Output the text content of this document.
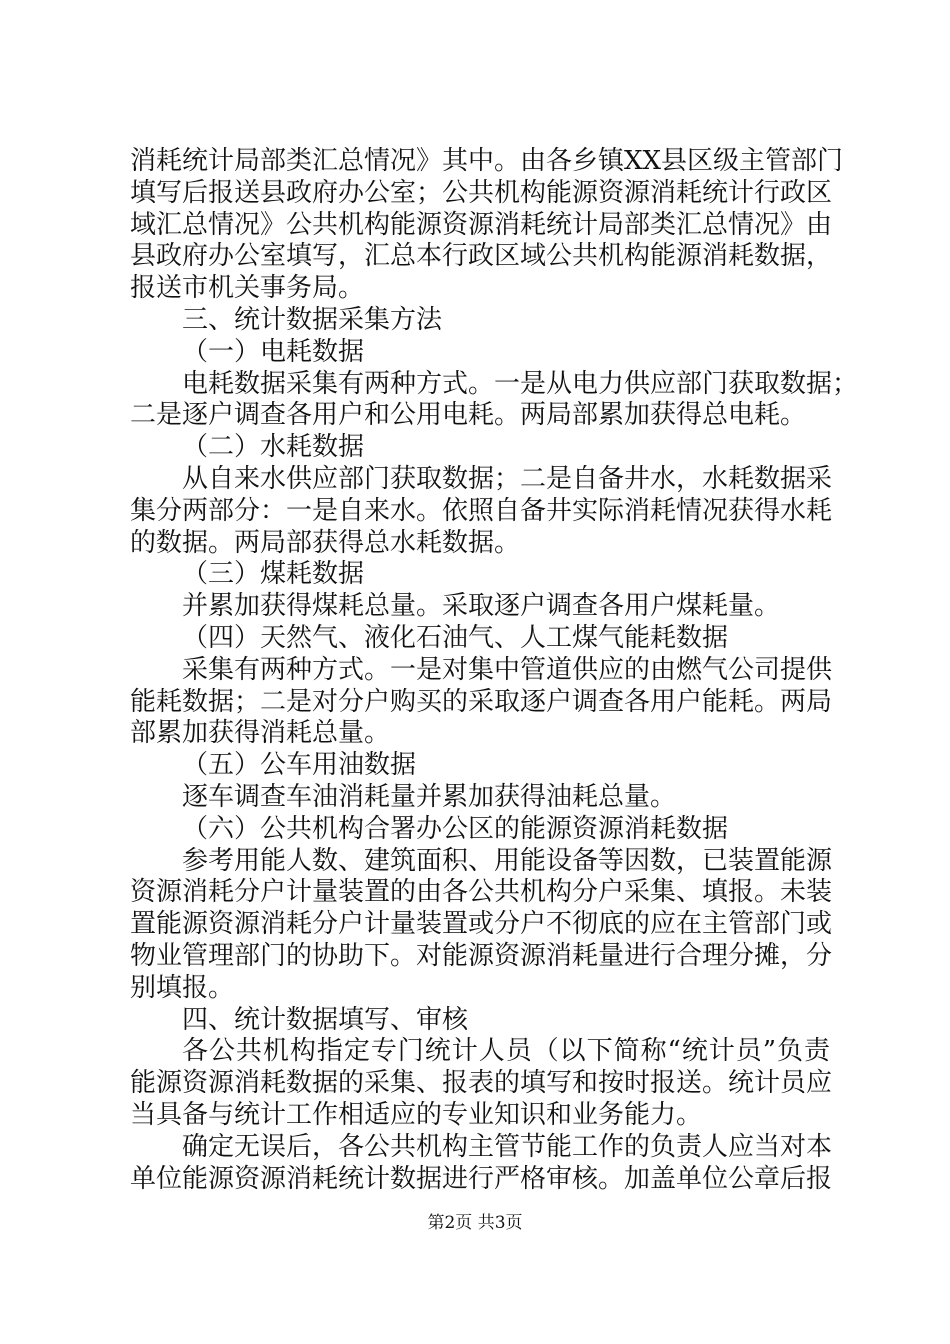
消耗统计局部类汇总情况》其中。由各乡镇XX县区级主管部门
填写后报送县政府办公室；公共机构能源资源消耗统计行政区
域汇总情况》公共机构能源资源消耗统计局部类汇总情况》由
县政府办公室填写，汇总本行政区域公共机构能源消耗数据，
报送市机关事务局。
三、统计数据采集方法
（一）电耗数据
电耗数据采集有两种方式。一是从电力供应部门获取数据；
二是逐户调查各用户和公用电耗。两局部累加获得总电耗。
（二）水耗数据
从自来水供应部门获取数据；二是自备井水，水耗数据采
集分两部分：一是自来水。依照自备井实际消耗情况获得水耗
的数据。两局部获得总水耗数据。
（三）煤耗数据
并累加获得煤耗总量。采取逐户调查各用户煤耗量。
（四）天然气、液化石油气、人工煤气能耗数据
采集有两种方式。一是对集中管道供应的由燃气公司提供
能耗数据；二是对分户购买的采取逐户调查各用户能耗。两局
部累加获得消耗总量。
（五）公车用油数据
逐车调查车油消耗量并累加获得油耗总量。
（六）公共机构合署办公区的能源资源消耗数据
参考用能人数、建筑面积、用能设备等因数，已装置能源
资源消耗分户计量装置的由各公共机构分户采集、填报。未装
置能源资源消耗分户计量装置或分户不彻底的应在主管部门或
物业管理部门的协助下。对能源资源消耗量进行合理分摊，分
别填报。
四、统计数据填写、审核
各公共机构指定专门统计人员（以下简称“统计员”负责
能源资源消耗数据的采集、报表的填写和按时报送。统计员应
当具备与统计工作相适应的专业知识和业务能力。
确定无误后，各公共机构主管节能工作的负责人应当对本
单位能源资源消耗统计数据进行严格审核。加盖单位公章后报
第2页 共3页
